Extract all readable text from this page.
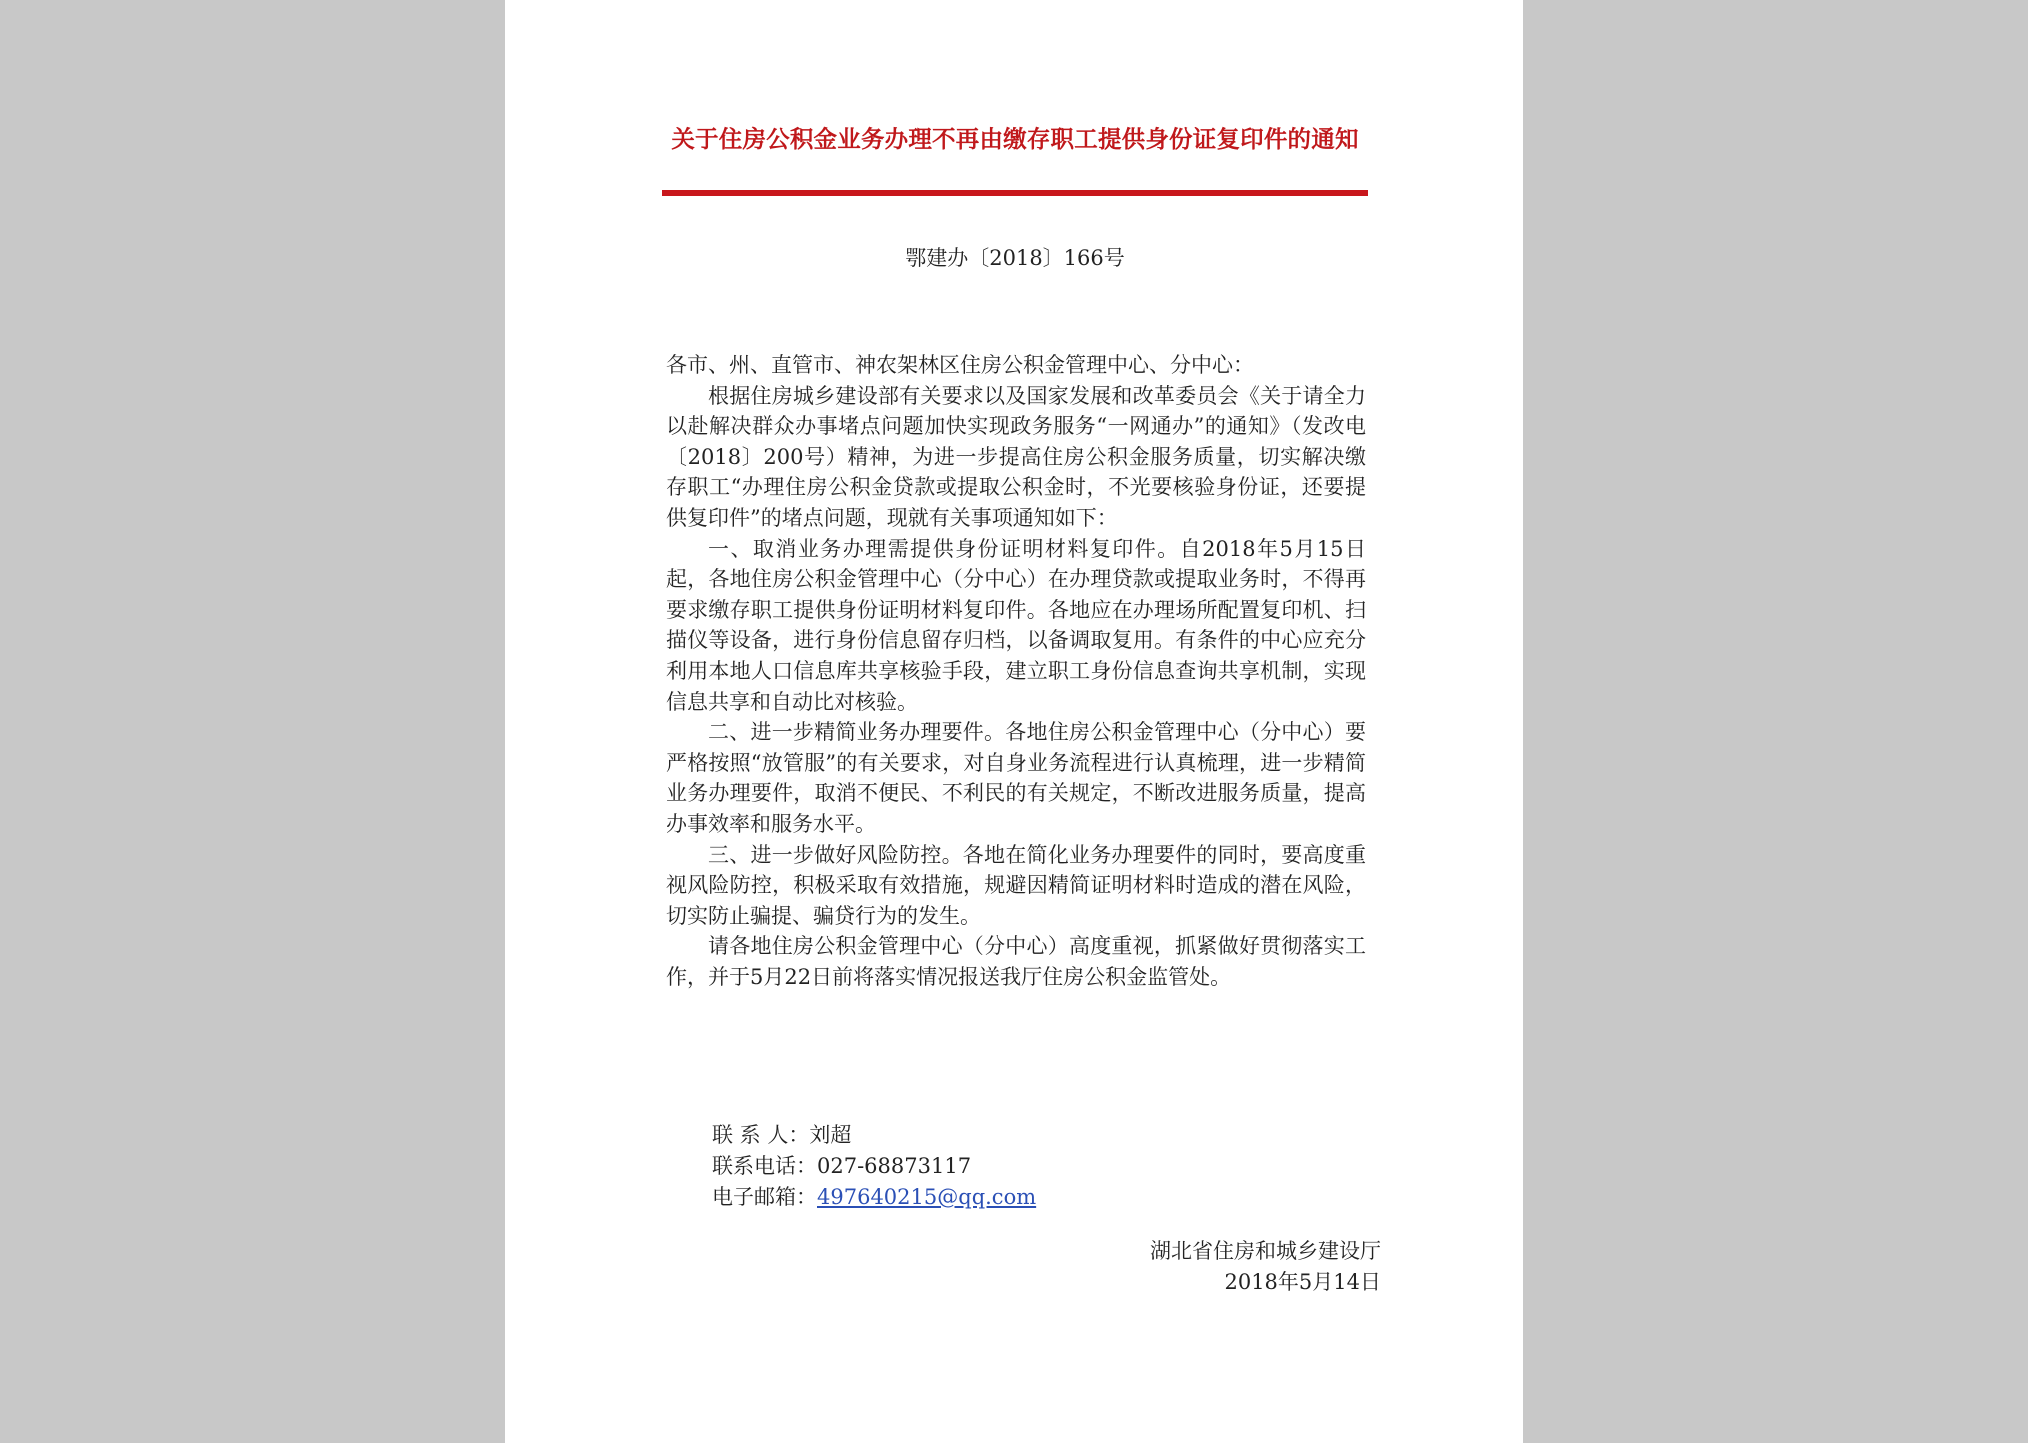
关于住房公积金业务办理不再由缴存职工提供身份证复印件的通知
鄂建办〔2018〕166号

各市、州、直管市、神农架林区住房公积金管理中心、分中心：

根据住房城乡建设部有关要求以及国家发展和改革委员会《关于请全力以赴解决群众办事堵点问题加快实现政务服务“一网通办”的通知》（发改电〔2018〕200号）精神，为进一步提高住房公积金服务质量，切实解决缴存职工“办理住房公积金贷款或提取公积金时，不光要核验身份证，还要提供复印件”的堵点问题，现就有关事项通知如下：

一、取消业务办理需提供身份证明材料复印件。自2018年5月15日起，各地住房公积金管理中心（分中心）在办理贷款或提取业务时，不得再要求缴存职工提供身份证明材料复印件。各地应在办理场所配置复印机、扫描仪等设备，进行身份信息留存归档，以备调取复用。有条件的中心应充分利用本地人口信息库共享核验手段，建立职工身份信息查询共享机制，实现信息共享和自动比对核验。

二、进一步精简业务办理要件。各地住房公积金管理中心（分中心）要严格按照“放管服”的有关要求，对自身业务流程进行认真梳理，进一步精简业务办理要件，取消不便民、不利民的有关规定，不断改进服务质量，提高办事效率和服务水平。

三、进一步做好风险防控。各地在简化业务办理要件的同时，要高度重视风险防控，积极采取有效措施，规避因精简证明材料时造成的潜在风险，切实防止骗提、骗贷行为的发生。

请各地住房公积金管理中心（分中心）高度重视，抓紧做好贯彻落实工作，并于5月22日前将落实情况报送我厅住房公积金监管处。

联 系 人：刘超
联系电话：027-68873117
电子邮箱：497640215@qq.com
湖北省住房和城乡建设厅
2018年5月14日
